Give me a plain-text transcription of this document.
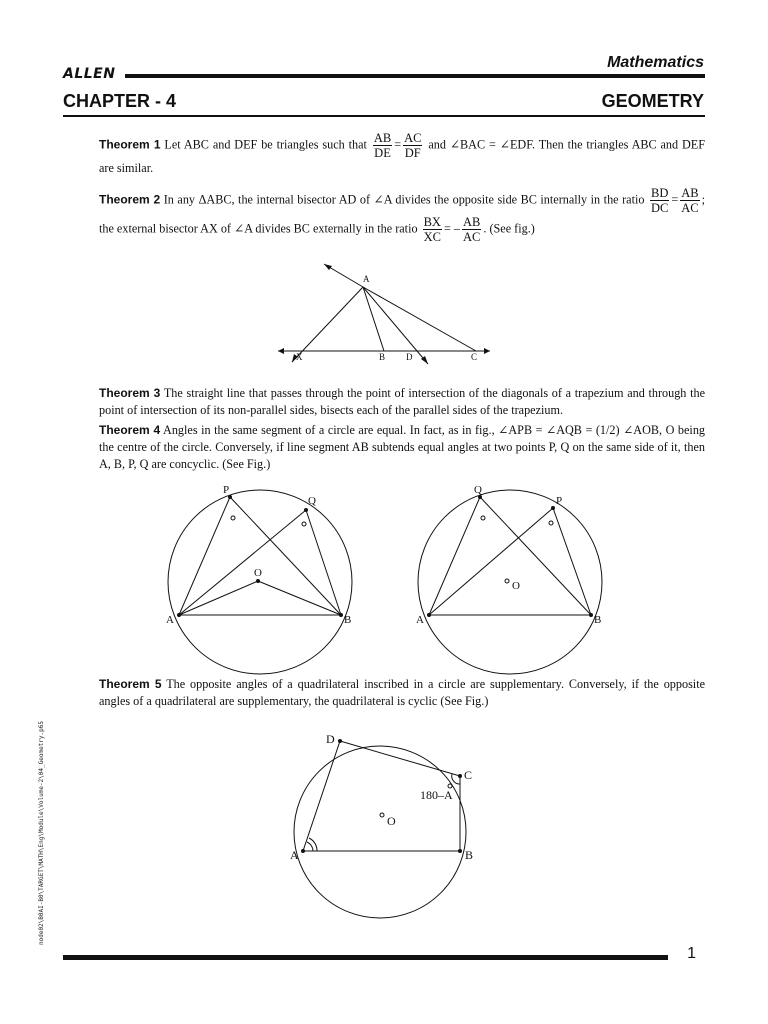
ALLEN
Mathematics
CHAPTER - 4	GEOMETRY
Theorem 1 Let ABC and DEF be triangles such that $\frac{AB}{DE} = \frac{AC}{DF}$ and ∠BAC = ∠EDF. Then the triangles ABC and DEF are similar.
Theorem 2 In any ΔABC, the internal bisector AD of ∠A divides the opposite side BC internally in the ratio $\frac{BD}{DC} = \frac{AB}{AC}$ ; the external bisector AX of ∠A divides BC externally in the ratio $\frac{BX}{XC}$ = – $\frac{AB}{AC}$ . (See fig.)
A
X	B D	C
Theorem 3 The straight line that passes through the point of intersection of the diagonals of a trapezium and through the point of intersection of its non-parallel sides, bisects each of the parallel sides of the trapezium.
Theorem 4 Angles in the same segment of a circle are equal. In fact, as in fig., ∠APB = ∠AQB = (1/2) ∠AOB, O being the centre of the circle. Conversely, if line segment AB subtends equal angles at two points P, Q on the same side of it, then A, B, P, Q are concyclic. (See Fig.)
P
Q
O
A	B
Q
P
O
A	B
Theorem 5 The opposite angles of a quadrilateral inscribed in a circle are supplementary. Conversely, if the opposite angles of a quadrilateral are supplementary, the quadrilateral is cyclic (See Fig.)
D
C
180–A
O
A	B
node02\B0AI-B0\TARGET\MATH\Eng\Module\Volume-2\04_Geometry.p65
1
